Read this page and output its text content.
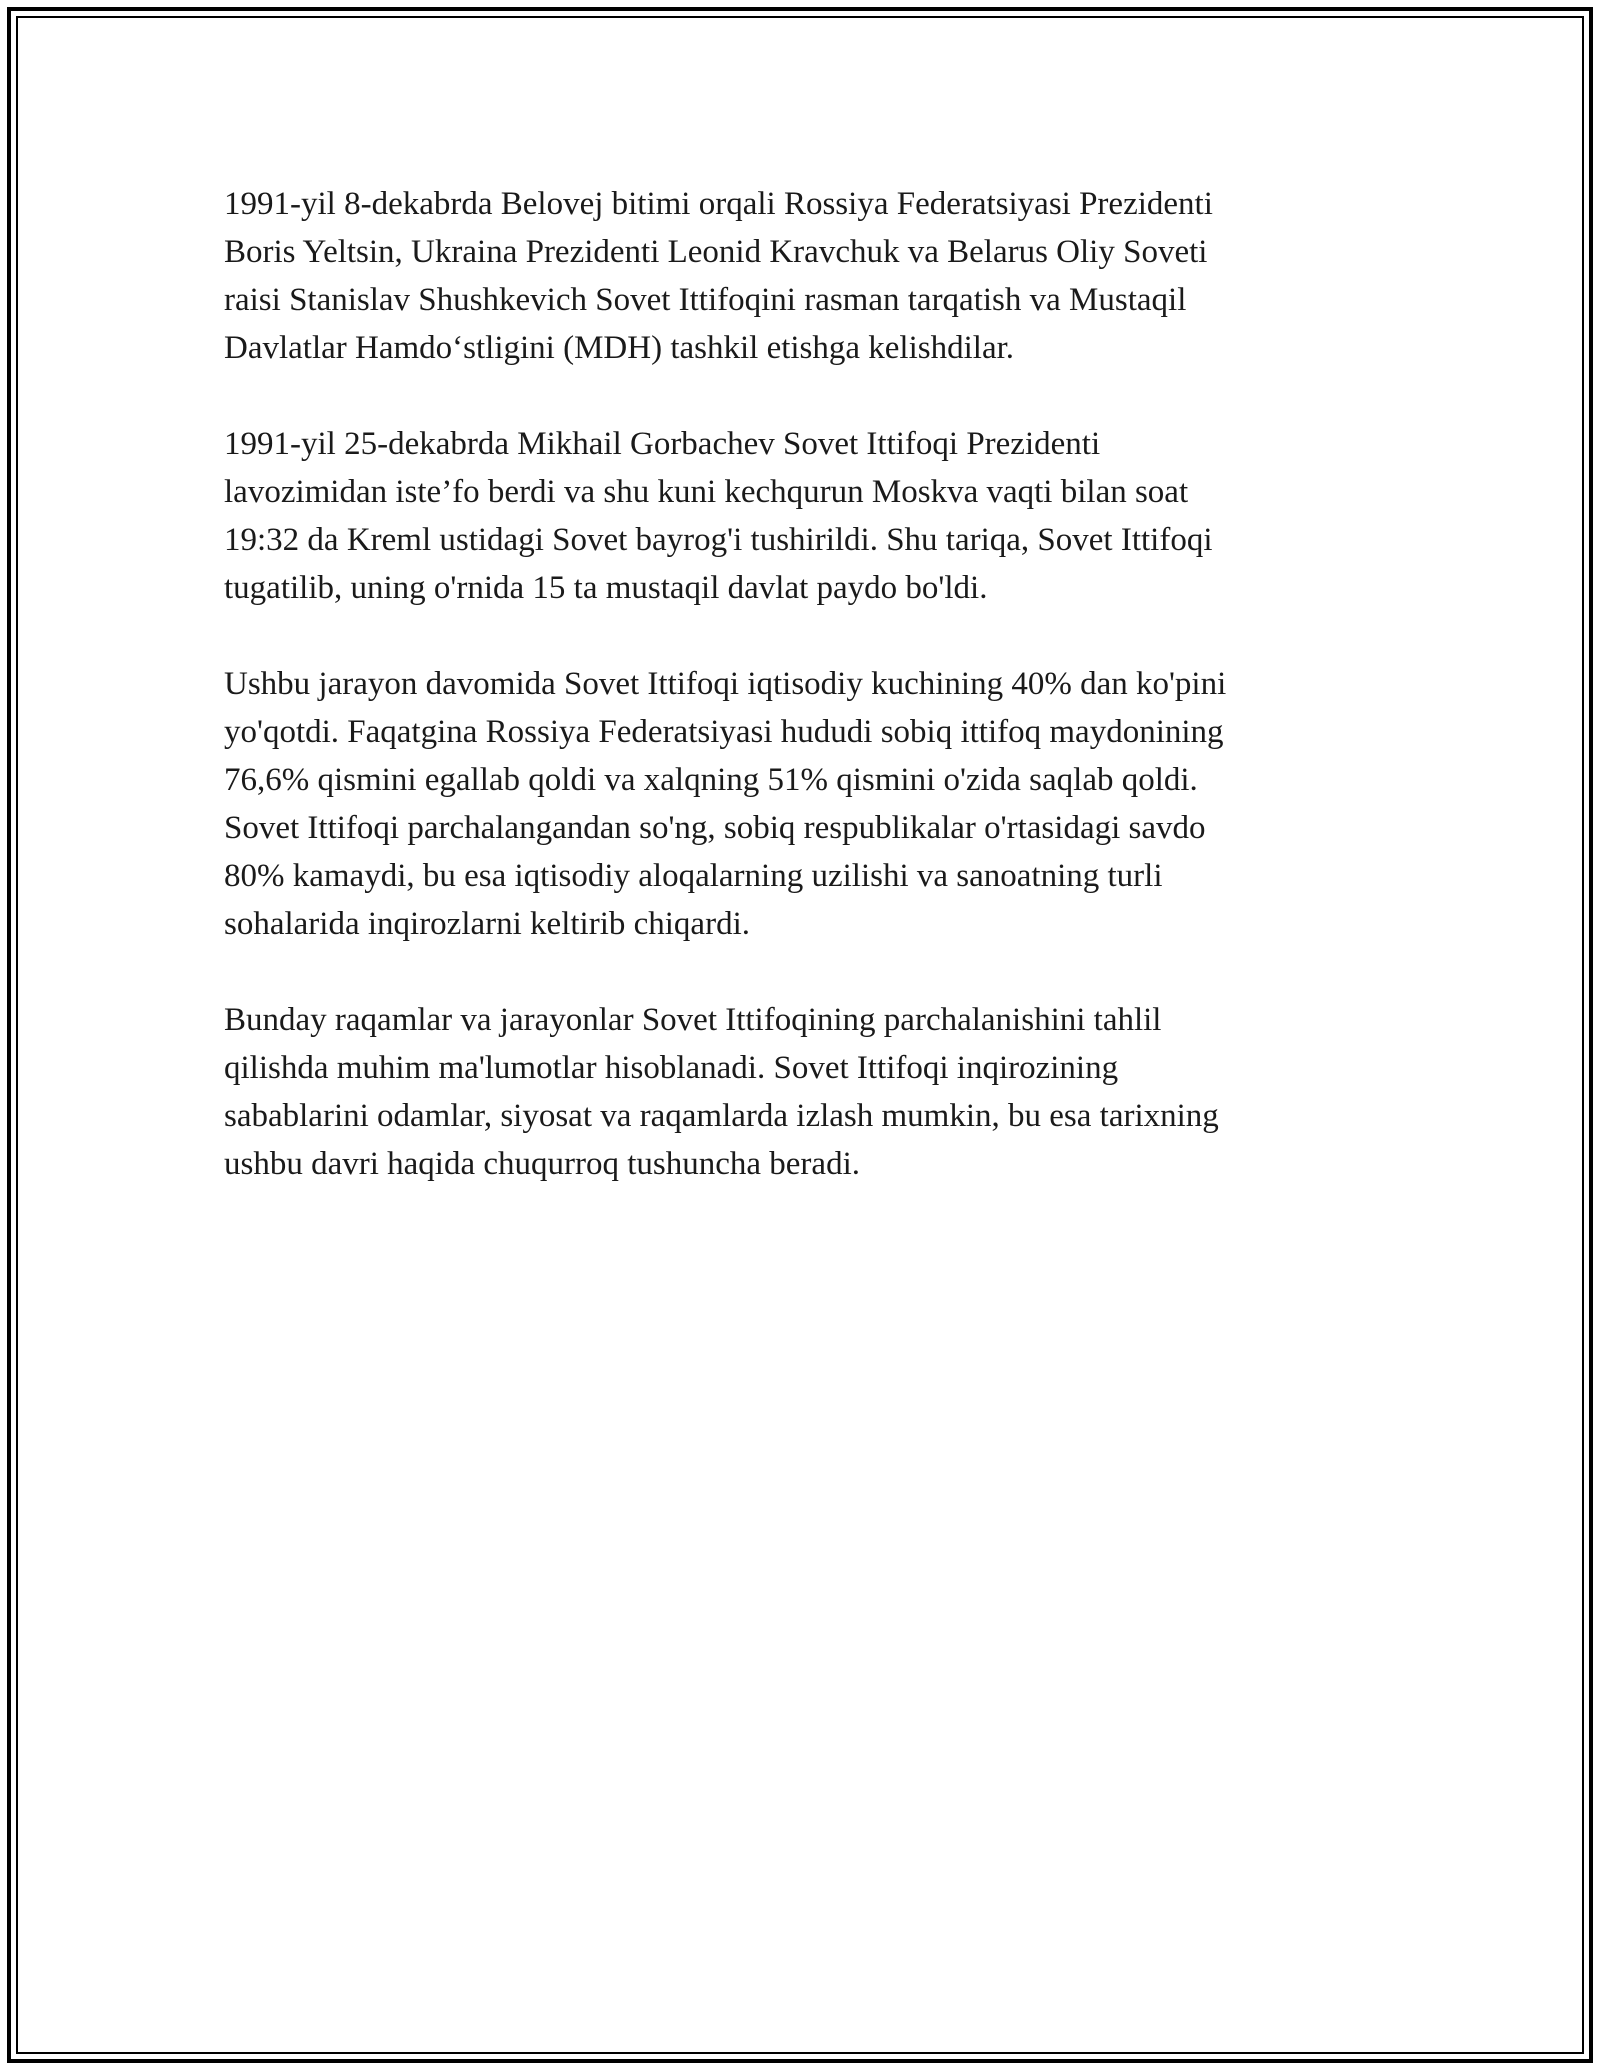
1991-yil 8-dekabrda Belovej bitimi orqali Rossiya Federatsiyasi Prezidenti
Boris Yeltsin, Ukraina Prezidenti Leonid Kravchuk va Belarus Oliy Soveti
raisi Stanislav Shushkevich Sovet Ittifoqini rasman tarqatish va Mustaqil
Davlatlar Hamdo‘stligini (MDH) tashkil etishga kelishdilar.

1991-yil 25-dekabrda Mikhail Gorbachev Sovet Ittifoqi Prezidenti
lavozimidan iste’fo berdi va shu kuni kechqurun Moskva vaqti bilan soat
19:32 da Kreml ustidagi Sovet bayrog'i tushirildi. Shu tariqa, Sovet Ittifoqi
tugatilib, uning o'rnida 15 ta mustaqil davlat paydo bo'ldi.

Ushbu jarayon davomida Sovet Ittifoqi iqtisodiy kuchining 40% dan ko'pini
yo'qotdi. Faqatgina Rossiya Federatsiyasi hududi sobiq ittifoq maydonining
76,6% qismini egallab qoldi va xalqning 51% qismini o'zida saqlab qoldi.
Sovet Ittifoqi parchalangandan so'ng, sobiq respublikalar o'rtasidagi savdo
80% kamaydi, bu esa iqtisodiy aloqalarning uzilishi va sanoatning turli
sohalarida inqirozlarni keltirib chiqardi.

Bunday raqamlar va jarayonlar Sovet Ittifoqining parchalanishini tahlil
qilishda muhim ma'lumotlar hisoblanadi. Sovet Ittifoqi inqirozining
sabablarini odamlar, siyosat va raqamlarda izlash mumkin, bu esa tarixning
ushbu davri haqida chuqurroq tushuncha beradi.
